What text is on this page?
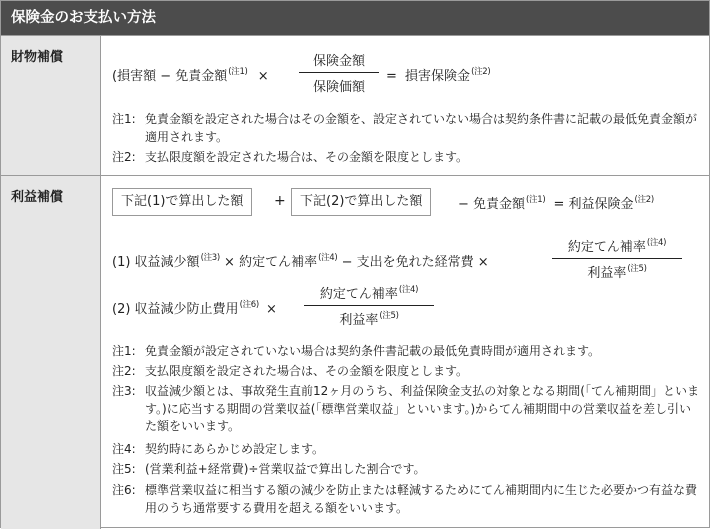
保険金のお支払い方法
財物補償
(損害額 − 免責金額$^{(注1)}$ ×
保険金額
保険価額
= 損害保険金$^{(注2)}$
注1: 免責金額を設定された場合はその金額を、設定されていない場合は契約条件書に記載の最低免責金額が適用されます。
注2: 支払限度額を設定された場合は、その金額を限度とします。
利益補償	下記(1)で算出した額	+	下記(2)で算出した額	− 免責金額$^{(注1)}$ = 利益保険金$^{(注2)}$
(1) 収益減少額$^{(注3)}$ × 約定てん補率$^{(注4)}$ − 支出を免れた経常費 ×
約定てん補率$^{(注4)}$
利益率$^{(注5)}$
(2) 収益減少防止費用$^{(注6)}$ ×
約定てん補率$^{(注4)}$
利益率$^{(注5)}$
注1: 免責金額が設定されていない場合は契約条件書記載の最低免責時間が適用されます。
注2: 支払限度額を設定された場合は、その金額を限度とします。
注3: 収益減少額とは、事故発生直前12ヶ月のうち、利益保険金支払の対象となる期間(「てん補期間」といます。)に応当する期間の営業収益(「標準営業収益」といいます。)からてん補期間中の営業収益を差し引いた額をいいます。
注4: 契約時にあらかじめ設定します。
注5: (営業利益+経常費)÷営業収益で算出した割合です。
注6: 標準営業収益に相当する額の減少を防止または軽減するためにてん補期間内に生じた必要かつ有益な費用のうち通常要する費用を超える額をいいます。
